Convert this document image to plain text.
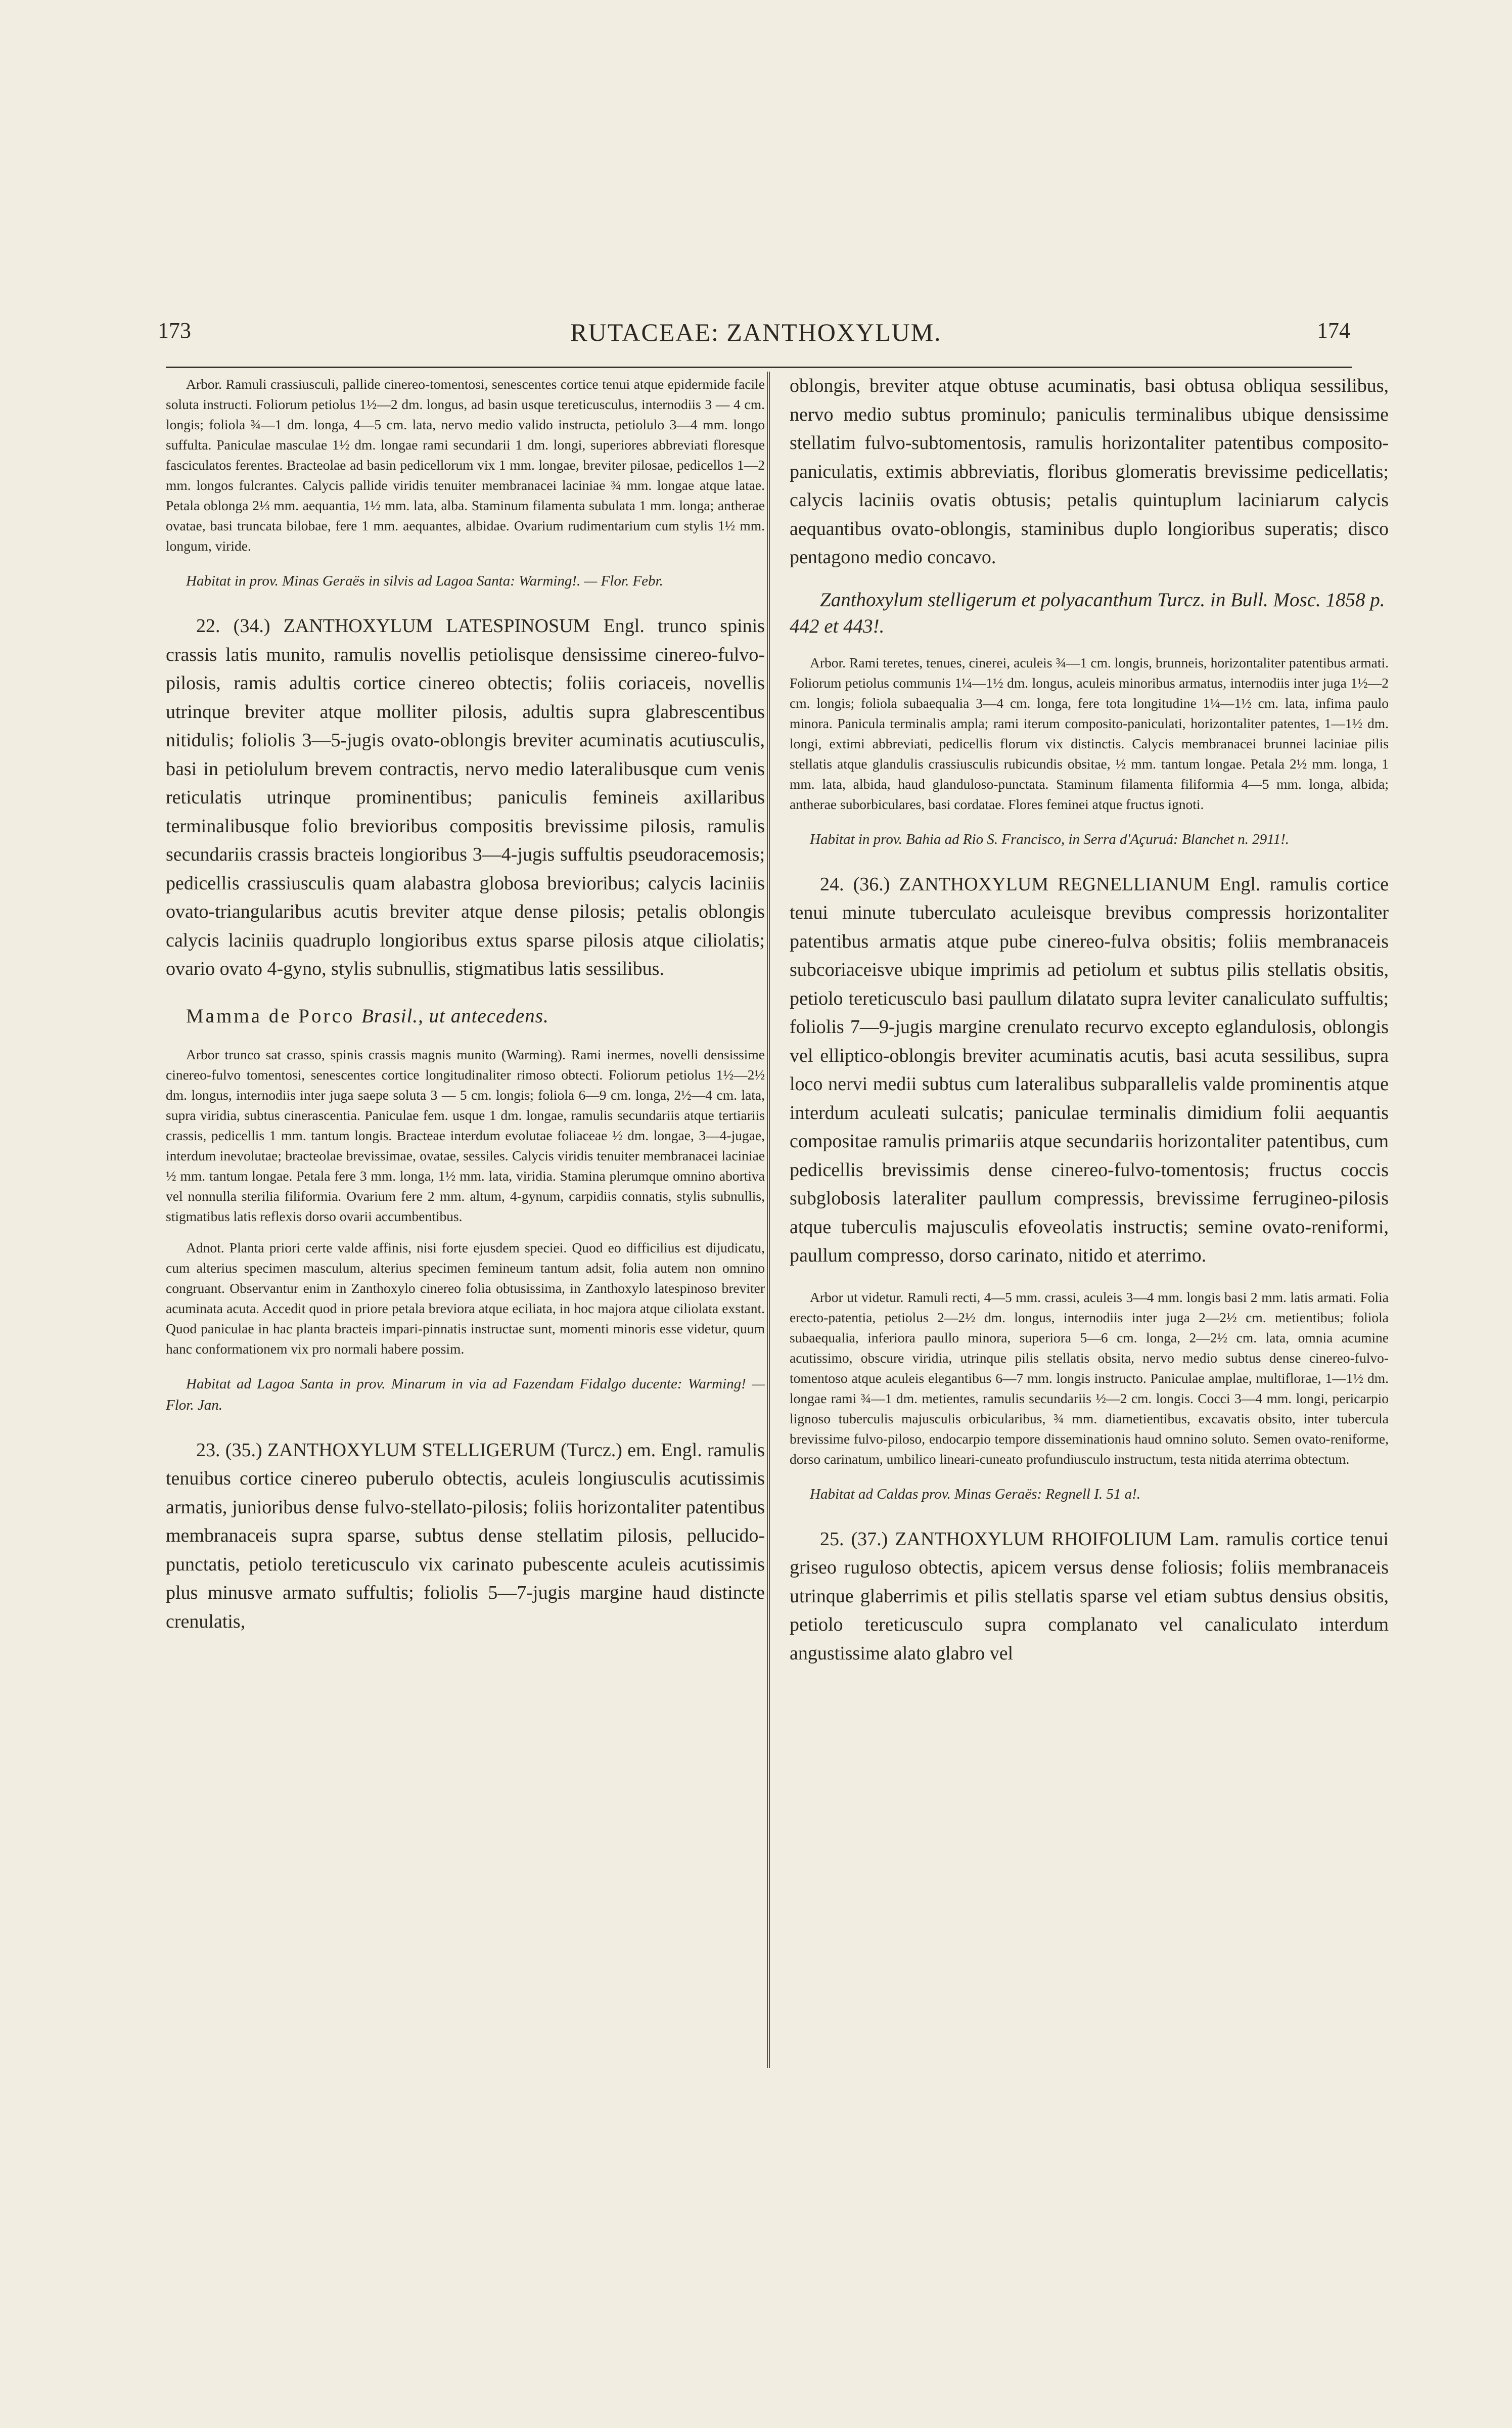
173	RUTACEAE: ZANTHOXYLUM.	174

Arbor. Ramuli crassiusculi, pallide cinereo-tomentosi, senescentes cortice tenui atque epidermide facile soluta instructi. Foliorum petiolus 1½—2 dm. longus, ad basin usque tereticusculus, internodiis 3 — 4 cm. longis; foliola ¾—1 dm. longa, 4—5 cm. lata, nervo medio valido instructa, petiolulo 3—4 mm. longo suffulta. Paniculae masculae 1½ dm. longae rami secundarii 1 dm. longi, superiores abbreviati floresque fasciculatos ferentes. Bracteolae ad basin pedicellorum vix 1 mm. longae, breviter pilosae, pedicellos 1—2 mm. longos fulcrantes. Calycis pallide viridis tenuiter membranacei laciniae ¾ mm. longae atque latae. Petala oblonga 2⅓ mm. aequantia, 1½ mm. lata, alba. Staminum filamenta subulata 1 mm. longa; antherae ovatae, basi truncata bilobae, fere 1 mm. aequantes, albidae. Ovarium rudimentarium cum stylis 1½ mm. longum, viride.

Habitat in prov. Minas Geraës in silvis ad Lagoa Santa: Warming!. — Flor. Febr.

22. (34.) ZANTHOXYLUM LATESPINOSUM Engl. trunco spinis crassis latis munito, ramulis novellis petiolisque densissime cinereo-fulvo-pilosis, ramis adultis cortice cinereo obtectis; foliis coriaceis, novellis utrinque breviter atque molliter pilosis, adultis supra glabrescentibus nitidulis; foliolis 3—5-jugis ovato-oblongis breviter acuminatis acutiusculis, basi in petiolulum brevem contractis, nervo medio lateralibusque cum venis reticulatis utrinque prominentibus; paniculis femineis axillaribus terminalibusque folio brevioribus compositis brevissime pilosis, ramulis secundariis crassis bracteis longioribus 3—4-jugis suffultis pseudoracemosis; pedicellis crassiusculis quam alabastra globosa brevioribus; calycis laciniis ovato-triangularibus acutis breviter atque dense pilosis; petalis oblongis calycis laciniis quadruplo longioribus extus sparse pilosis atque ciliolatis; ovario ovato 4-gyno, stylis subnullis, stigmatibus latis sessilibus.

Mamma de Porco Brasil., ut antecedens.

Arbor trunco sat crasso, spinis crassis magnis munito (Warming). Rami inermes, novelli densissime cinereo-fulvo tomentosi, senescentes cortice longitudinaliter rimoso obtecti. Foliorum petiolus 1½—2½ dm. longus, internodiis inter juga saepe soluta 3 — 5 cm. longis; foliola 6—9 cm. longa, 2½—4 cm. lata, supra viridia, subtus cinerascentia. Paniculae fem. usque 1 dm. longae, ramulis secundariis atque tertiariis crassis, pedicellis 1 mm. tantum longis. Bracteae interdum evolutae foliaceae ½ dm. longae, 3—4-jugae, interdum inevolutae; bracteolae brevissimae, ovatae, sessiles. Calycis viridis tenuiter membranacei laciniae ½ mm. tantum longae. Petala fere 3 mm. longa, 1½ mm. lata, viridia. Stamina plerumque omnino abortiva vel nonnulla sterilia filiformia. Ovarium fere 2 mm. altum, 4-gynum, carpidiis connatis, stylis subnullis, stigmatibus latis reflexis dorso ovarii accumbentibus.

Adnot. Planta priori certe valde affinis, nisi forte ejusdem speciei. Quod eo difficilius est dijudicatu, cum alterius specimen masculum, alterius specimen femineum tantum adsit, folia autem non omnino congruant. Observantur enim in Zanthoxylo cinereo folia obtusissima, in Zanthoxylo latespinoso breviter acuminata acuta. Accedit quod in priore petala breviora atque eciliata, in hoc majora atque ciliolata exstant. Quod paniculae in hac planta bracteis impari-pinnatis instructae sunt, momenti minoris esse videtur, quum hanc conformationem vix pro normali habere possim.

Habitat ad Lagoa Santa in prov. Minarum in via ad Fazendam Fidalgo ducente: Warming! — Flor. Jan.

23. (35.) ZANTHOXYLUM STELLIGERUM (Turcz.) em. Engl. ramulis tenuibus cortice cinereo puberulo obtectis, aculeis longiusculis acutissimis armatis, junioribus dense fulvo-stellato-pilosis; foliis horizontaliter patentibus membranaceis supra sparse, subtus dense stellatim pilosis, pellucido-punctatis, petiolo tereticusculo vix carinato pubescente aculeis acutissimis plus minusve armato suffultis; foliolis 5—7-jugis margine haud distincte crenulatis,

oblongis, breviter atque obtuse acuminatis, basi obtusa obliqua sessilibus, nervo medio subtus prominulo; paniculis terminalibus ubique densissime stellatim fulvo-subtomentosis, ramulis horizontaliter patentibus composito-paniculatis, extimis abbreviatis, floribus glomeratis brevissime pedicellatis; calycis laciniis ovatis obtusis; petalis quintuplum laciniarum calycis aequantibus ovato-oblongis, staminibus duplo longioribus superatis; disco pentagono medio concavo.

Zanthoxylum stelligerum et polyacanthum Turcz. in Bull. Mosc. 1858 p. 442 et 443!.

Arbor. Rami teretes, tenues, cinerei, aculeis ¾—1 cm. longis, brunneis, horizontaliter patentibus armati. Foliorum petiolus communis 1¼—1½ dm. longus, aculeis minoribus armatus, internodiis inter juga 1½—2 cm. longis; foliola subaequalia 3—4 cm. longa, fere tota longitudine 1¼—1½ cm. lata, infima paulo minora. Panicula terminalis ampla; rami iterum composito-paniculati, horizontaliter patentes, 1—1½ dm. longi, extimi abbreviati, pedicellis florum vix distinctis. Calycis membranacei brunnei laciniae pilis stellatis atque glandulis crassiusculis rubicundis obsitae, ½ mm. tantum longae. Petala 2½ mm. longa, 1 mm. lata, albida, haud glanduloso-punctata. Staminum filamenta filiformia 4—5 mm. longa, albida; antherae suborbiculares, basi cordatae. Flores feminei atque fructus ignoti.

Habitat in prov. Bahia ad Rio S. Francisco, in Serra d'Açuruá: Blanchet n. 2911!.

24. (36.) ZANTHOXYLUM REGNELLIANUM Engl. ramulis cortice tenui minute tuberculato aculeisque brevibus compressis horizontaliter patentibus armatis atque pube cinereo-fulva obsitis; foliis membranaceis subcoriaceisve ubique imprimis ad petiolum et subtus pilis stellatis obsitis, petiolo tereticusculo basi paullum dilatato supra leviter canaliculato suffultis; foliolis 7—9-jugis margine crenulato recurvo excepto eglandulosis, oblongis vel elliptico-oblongis breviter acuminatis acutis, basi acuta sessilibus, supra loco nervi medii subtus cum lateralibus subparallelis valde prominentis atque interdum aculeati sulcatis; paniculae terminalis dimidium folii aequantis compositae ramulis primariis atque secundariis horizontaliter patentibus, cum pedicellis brevissimis dense cinereo-fulvo-tomentosis; fructus coccis subglobosis lateraliter paullum compressis, brevissime ferrugineo-pilosis atque tuberculis majusculis efoveolatis instructis; semine ovato-reniformi, paullum compresso, dorso carinato, nitido et aterrimo.

Arbor ut videtur. Ramuli recti, 4—5 mm. crassi, aculeis 3—4 mm. longis basi 2 mm. latis armati. Folia erecto-patentia, petiolus 2—2½ dm. longus, internodiis inter juga 2—2½ cm. metientibus; foliola subaequalia, inferiora paullo minora, superiora 5—6 cm. longa, 2—2½ cm. lata, omnia acumine acutissimo, obscure viridia, utrinque pilis stellatis obsita, nervo medio subtus dense cinereo-fulvo-tomentoso atque aculeis elegantibus 6—7 mm. longis instructo. Paniculae amplae, multiflorae, 1—1½ dm. longae rami ¾—1 dm. metientes, ramulis secundariis ½—2 cm. longis. Cocci 3—4 mm. longi, pericarpio lignoso tuberculis majusculis orbicularibus, ¾ mm. diametientibus, excavatis obsito, inter tubercula brevissime fulvo-piloso, endocarpio tempore disseminationis haud omnino soluto. Semen ovato-reniforme, dorso carinatum, umbilico lineari-cuneato profundiusculo instructum, testa nitida aterrima obtectum.

Habitat ad Caldas prov. Minas Geraës: Regnell I. 51 a!.

25. (37.) ZANTHOXYLUM RHOIFOLIUM Lam. ramulis cortice tenui griseo ruguloso obtectis, apicem versus dense foliosis; foliis membranaceis utrinque glaberrimis et pilis stellatis sparse vel etiam subtus densius obsitis, petiolo tereticusculo supra complanato vel canaliculato interdum angustissime alato glabro vel
